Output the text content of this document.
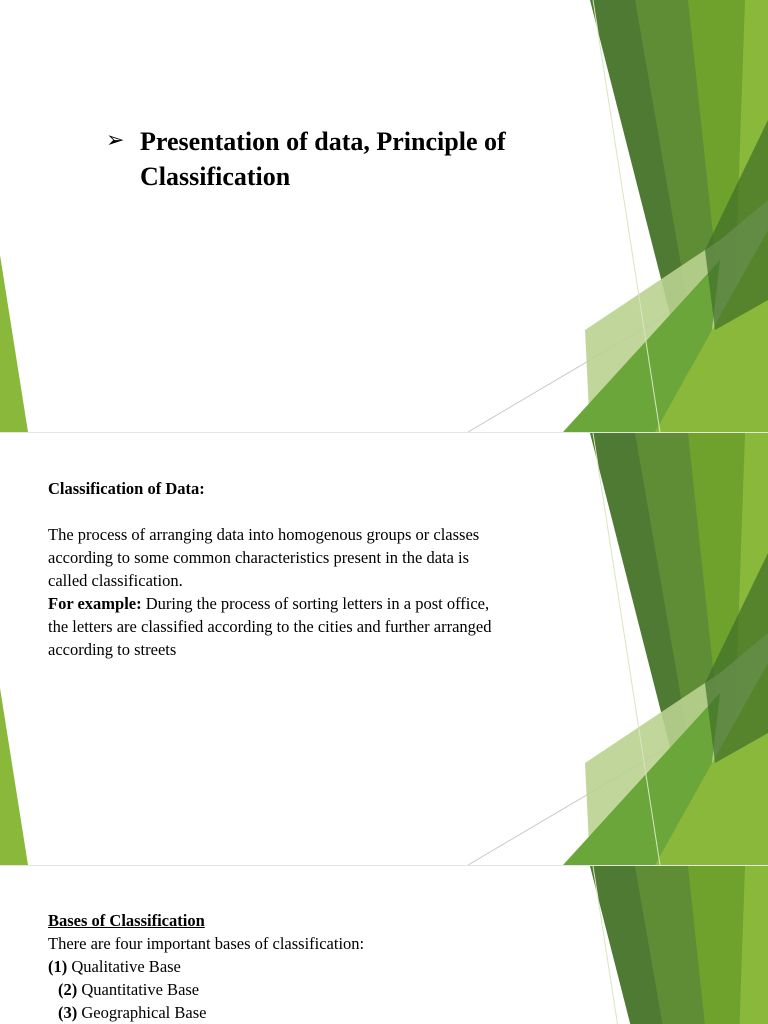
➢ Presentation of data, Principle of
Classification
Classification of Data:
The process of arranging data into homogenous groups or classes
according to some common characteristics present in the data is
called classification.
For example: During the process of sorting letters in a post office,
the letters are classified according to the cities and further arranged
according to streets
Bases of Classification
There are four important bases of classification:
(1) Qualitative Base
(2) Quantitative Base
(3) Geographical Base
